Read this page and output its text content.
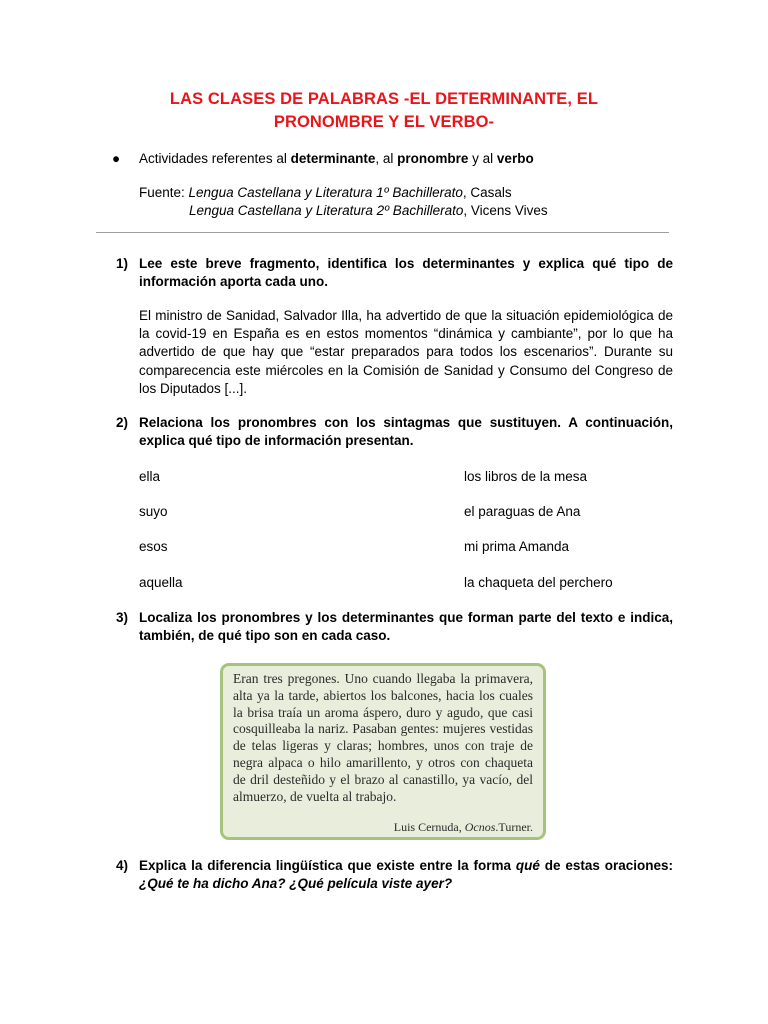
LAS CLASES DE PALABRAS -EL DETERMINANTE, EL
PRONOMBRE Y EL VERBO-
● Actividades referentes al determinante, al pronombre y al verbo
Fuente: Lengua Castellana y Literatura 1º Bachillerato, Casals
Lengua Castellana y Literatura 2º Bachillerato, Vicens Vives
1) Lee este breve fragmento, identifica los determinantes y explica qué tipo de información aporta cada uno.
El ministro de Sanidad, Salvador Illa, ha advertido de que la situación epidemiológica de la covid-19 en España es en estos momentos “dinámica y cambiante”, por lo que ha advertido de que hay que “estar preparados para todos los escenarios”. Durante su comparecencia este miércoles en la Comisión de Sanidad y Consumo del Congreso de los Diputados [...].
2) Relaciona los pronombres con los sintagmas que sustituyen. A continuación, explica qué tipo de información presentan.
ella	los libros de la mesa
suyo	el paraguas de Ana
esos	mi prima Amanda
aquella	la chaqueta del perchero
3) Localiza los pronombres y los determinantes que forman parte del texto e indica, también, de qué tipo son en cada caso.
Eran tres pregones. Uno cuando llegaba la primavera, alta ya la tarde, abiertos los balcones, hacia los cuales la brisa traía un aroma áspero, duro y agudo, que casi cosquilleaba la nariz. Pasaban gentes: mujeres vestidas de telas ligeras y claras; hombres, unos con traje de negra alpaca o hilo amarillento, y otros con chaqueta de dril desteñido y el brazo al canastillo, ya vacío, del almuerzo, de vuelta al trabajo.
Luis Cernuda, Ocnos.Turner.
4) Explica la diferencia lingüística que existe entre la forma qué de estas oraciones: ¿Qué te ha dicho Ana? ¿Qué película viste ayer?
